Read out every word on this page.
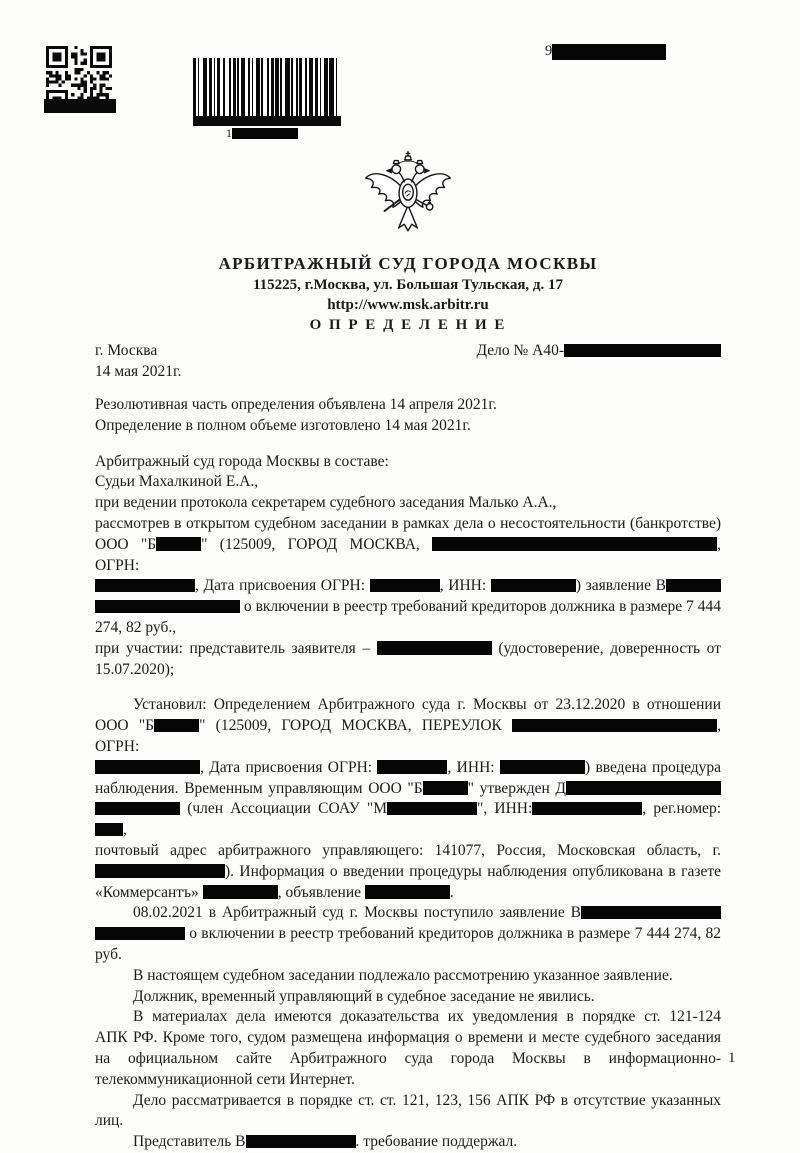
1
9
АРБИТРАЖНЫЙ СУД ГОРОДА МОСКВЫ
115225, г.Москва, ул. Большая Тульская, д. 17
http://www.msk.arbitr.ru
О П Р Е Д Е Л Е Н И Е
г. Москва	Дело № А40-
14 мая 2021г.
Резолютивная часть определения объявлена 14 апреля 2021г.
Определение в полном объеме изготовлено 14 мая 2021г.
Арбитражный суд города Москвы в составе:
Судьи Махалкиной Е.А.,
при ведении протокола секретарем судебного заседания Малько А.А.,
рассмотрев в открытом судебном заседании в рамках дела о несостоятельности (банкротстве)
ООО "Б	" (125009, ГОРОД МОСКВА,	, ОГРН:
, Дата присвоения ОГРН:	, ИНН:	) заявление В
о включении в реестр требований кредиторов должника в размере 7 444
274, 82 руб.,
при участии: представитель заявителя –	(удостоверение, доверенность от
15.07.2020);
Установил: Определением Арбитражного суда г. Москвы от 23.12.2020 в отношении
ООО "Б	" (125009, ГОРОД МОСКВА, ПЕРЕУЛОК	, ОГРН:
, Дата присвоения ОГРН:	, ИНН:	) введена процедура
наблюдения. Временным управляющим ООО "Б	" утвержден Д
(член Ассоциации СОАУ "М	", ИНН:	, рег.номер:,
почтовый адрес арбитражного управляющего: 141077, Россия, Московская область, г.
). Информация о введении процедуры наблюдения опубликована в газете
«Коммерсантъ»	, объявление	.
08.02.2021 в Арбитражный суд г. Москвы поступило заявление В
о включении в реестр требований кредиторов должника в размере 7 444 274, 82
руб.
В настоящем судебном заседании подлежало рассмотрению указанное заявление.
Должник, временный управляющий в судебное заседание не явились.
В материалах дела имеются доказательства их уведомления в порядке ст. 121-124
АПК РФ. Кроме того, судом размещена информация о времени и месте судебного заседания
на официальном сайте Арбитражного суда города Москвы в информационно-
телекоммуникационной сети Интернет.
Дело рассматривается в порядке ст. ст. 121, 123, 156 АПК РФ в отсутствие указанных
лиц.
Представитель В	. требование поддержал.
1
